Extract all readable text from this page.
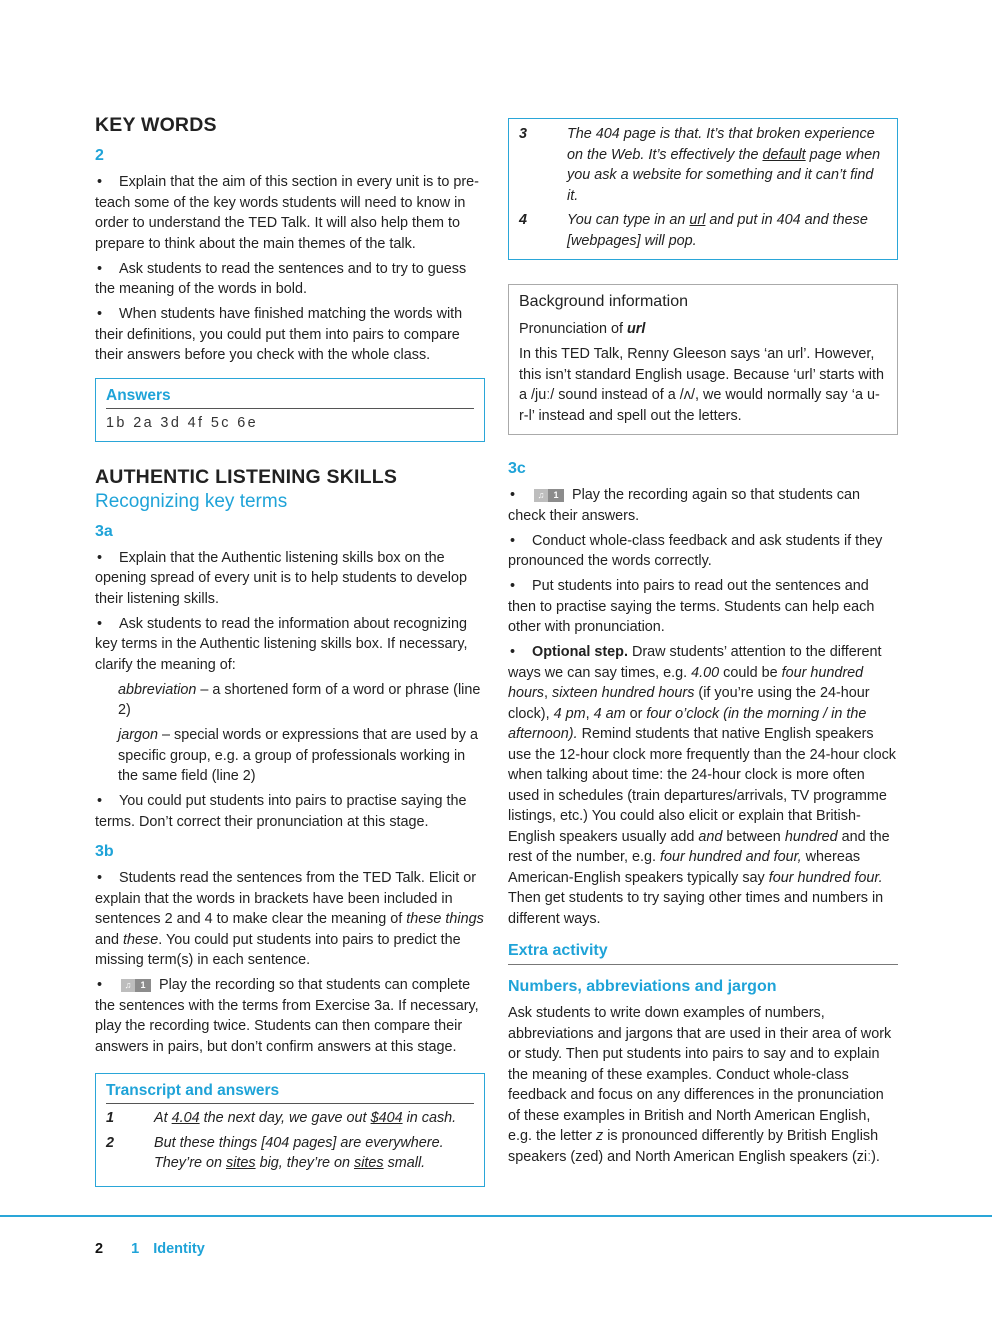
KEY WORDS
2

• Explain that the aim of this section in every unit is to pre-teach some of the key words students will need to know in order to understand the TED Talk. It will also help them to prepare to think about the main themes of the talk.

• Ask students to read the sentences and to try to guess the meaning of the words in bold.

• When students have finished matching the words with their definitions, you could put them into pairs to compare their answers before you check with the whole class.

Answers
1b 2a 3d 4f 5c 6e
AUTHENTIC LISTENING SKILLS
Recognizing key terms
3a

• Explain that the Authentic listening skills box on the opening spread of every unit is to help students to develop their listening skills.

• Ask students to read the information about recognizing key terms in the Authentic listening skills box. If necessary, clarify the meaning of:

abbreviation – a shortened form of a word or phrase (line 2)

jargon – special words or expressions that are used by a specific group, e.g. a group of professionals working in the same field (line 2)

• You could put students into pairs to practise saying the terms. Don’t correct their pronunciation at this stage.

3b

• Students read the sentences from the TED Talk. Elicit or explain that the words in brackets have been included in sentences 2 and 4 to make clear the meaning of these things and these. You could put students into pairs to predict the missing term(s) in each sentence.

• ♫	1 Play the recording so that students can complete the sentences with the terms from Exercise 3a. If necessary, play the recording twice. Students can then compare their answers in pairs, but don’t confirm answers at this stage.

Transcript and answers
1	At 4.04 the next day, we gave out $404 in cash.
2	But these things [404 pages] are everywhere. They’re on sites big, they’re on sites small.
3	The 404 page is that. It’s that broken experience on the Web. It’s effectively the default page when you ask a website for something and it can’t find it.
4	You can type in an url and put in 404 and these [webpages] will pop.
Background information
Pronunciation of url

In this TED Talk, Renny Gleeson says ‘an url’. However, this isn’t standard English usage. Because ‘url’ starts with a /juː/ sound instead of a /ʌ/, we would normally say ‘a u-r-l’ instead and spell out the letters.

3c

• ♫	1 Play the recording again so that students can check their answers.

• Conduct whole-class feedback and ask students if they pronounced the words correctly.

• Put students into pairs to read out the sentences and then to practise saying the terms. Students can help each other with pronunciation.

• Optional step. Draw students’ attention to the different ways we can say times, e.g. 4.00 could be four hundred hours, sixteen hundred hours (if you’re using the 24-hour clock), 4 pm, 4 am or four o’clock (in the morning / in the afternoon). Remind students that native English speakers use the 12-hour clock more frequently than the 24-hour clock when talking about time: the 24-hour clock is more often used in schedules (train departures/arrivals, TV programme listings, etc.) You could also elicit or explain that British-English speakers usually add and between hundred and the rest of the number, e.g. four hundred and four, whereas American-English speakers typically say four hundred four. Then get students to try saying other times and numbers in different ways.

Extra activity
Numbers, abbreviations and jargon

Ask students to write down examples of numbers, abbreviations and jargons that are used in their area of work or study. Then put students into pairs to say and to explain the meaning of these examples. Conduct whole-class feedback and focus on any differences in the pronunciation of these examples in British and North American English, e.g. the letter z is pronounced differently by British English speakers (zed) and North American English speakers (ziː).

2 1 Identity
